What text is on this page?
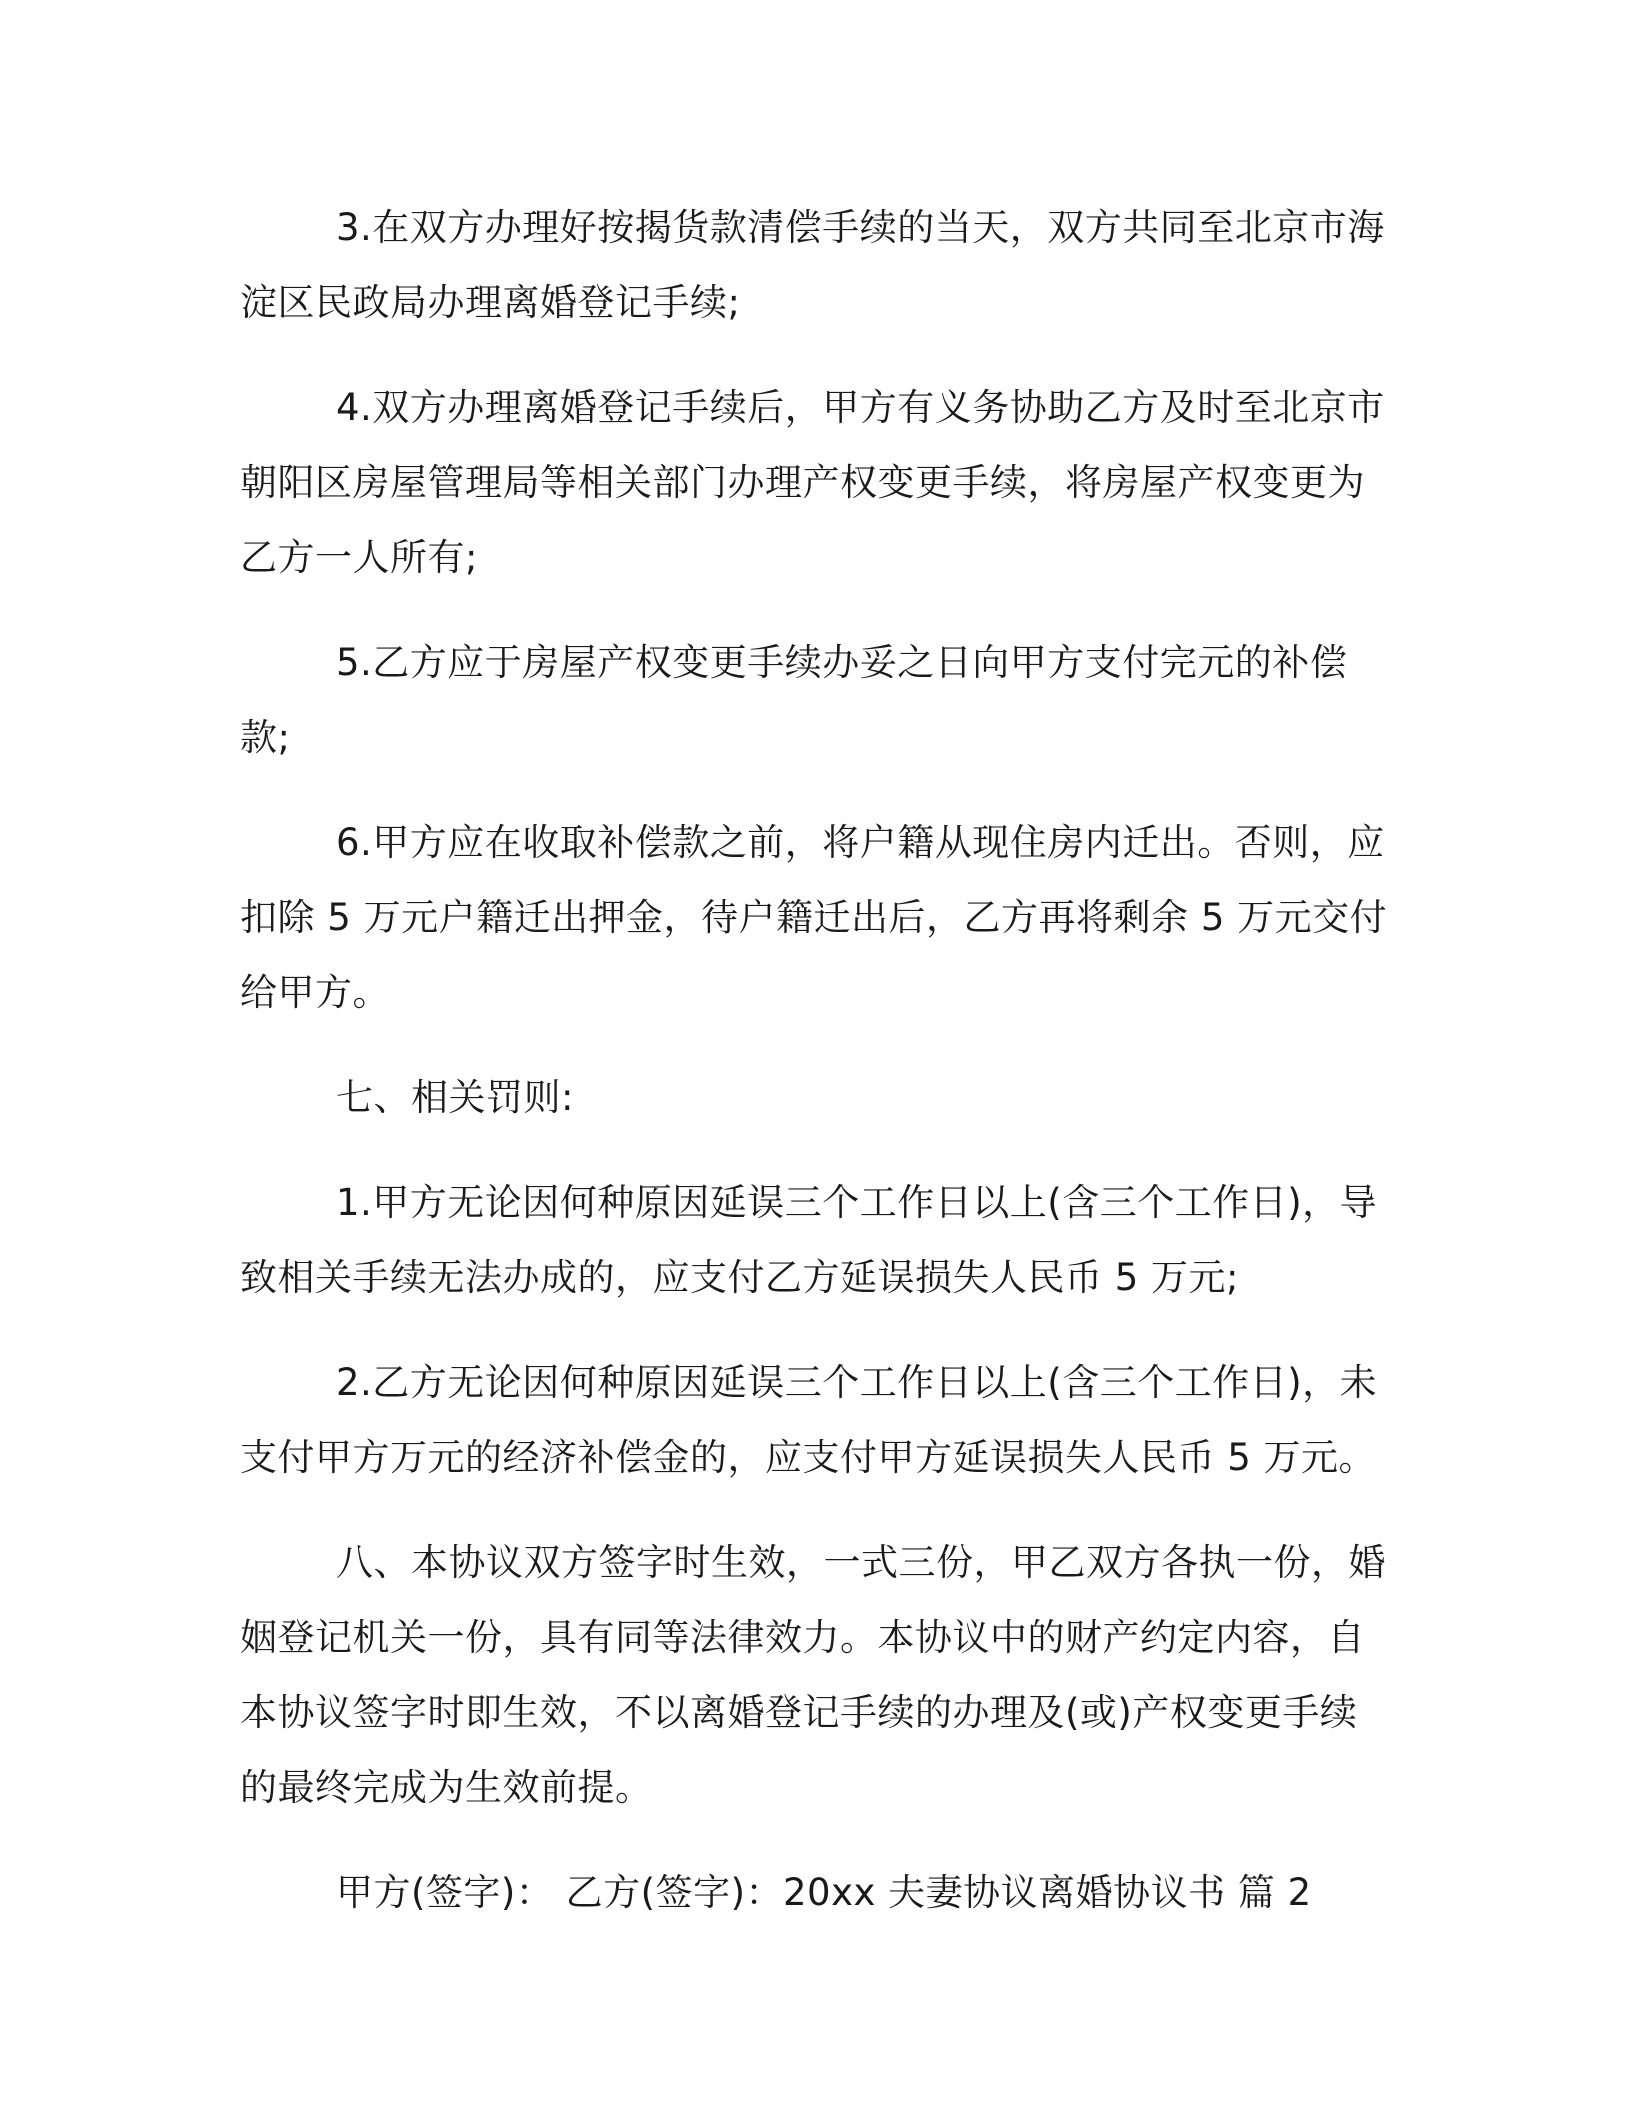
3.在双方办理好按揭货款清偿手续的当天，双方共同至北京市海淀区民政局办理离婚登记手续;

4.双方办理离婚登记手续后，甲方有义务协助乙方及时至北京市朝阳区房屋管理局等相关部门办理产权变更手续，将房屋产权变更为乙方一人所有;

5.乙方应于房屋产权变更手续办妥之日向甲方支付完元的补偿款;

6.甲方应在收取补偿款之前，将户籍从现住房内迁出。否则，应扣除 5 万元户籍迁出押金，待户籍迁出后，乙方再将剩余 5 万元交付给甲方。

七、相关罚则:

1.甲方无论因何种原因延误三个工作日以上(含三个工作日)，导致相关手续无法办成的，应支付乙方延误损失人民币 5 万元;

2.乙方无论因何种原因延误三个工作日以上(含三个工作日)，未支付甲方万元的经济补偿金的，应支付甲方延误损失人民币 5 万元。

八、本协议双方签字时生效，一式三份，甲乙双方各执一份，婚姻登记机关一份，具有同等法律效力。本协议中的财产约定内容，自本协议签字时即生效，不以离婚登记手续的办理及(或)产权变更手续的最终完成为生效前提。

甲方(签字)： 乙方(签字)：20xx 夫妻协议离婚协议书 篇 2
